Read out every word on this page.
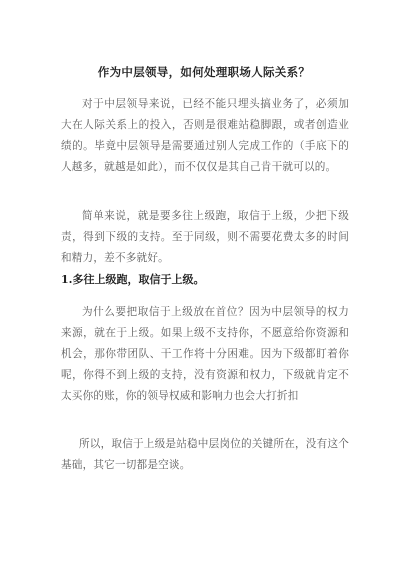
作为中层领导，如何处理职场人际关系？
对于中层领导来说，已经不能只埋头搞业务了，必须加大在人际关系上的投入，否则是很难站稳脚跟，或者创造业绩的。毕竟中层领导是需要通过别人完成工作的（手底下的人越多，就越是如此），而不仅仅是其自己肯干就可以的。
简单来说，就是要多往上级跑，取信于上级，少把下级责，得到下级的支持。至于同级，则不需要花费太多的时间和精力，差不多就好。
1.多往上级跑，取信于上级。
为什么要把取信于上级放在首位？因为中层领导的权力来源，就在于上级。如果上级不支持你，不愿意给你资源和机会，那你带团队、干工作将十分困难。因为下级都盯着你呢，你得不到上级的支持，没有资源和权力，下级就肯定不太买你的账，你的领导权威和影响力也会大打折扣
所以，取信于上级是站稳中层岗位的关键所在，没有这个基础，其它一切都是空谈。
